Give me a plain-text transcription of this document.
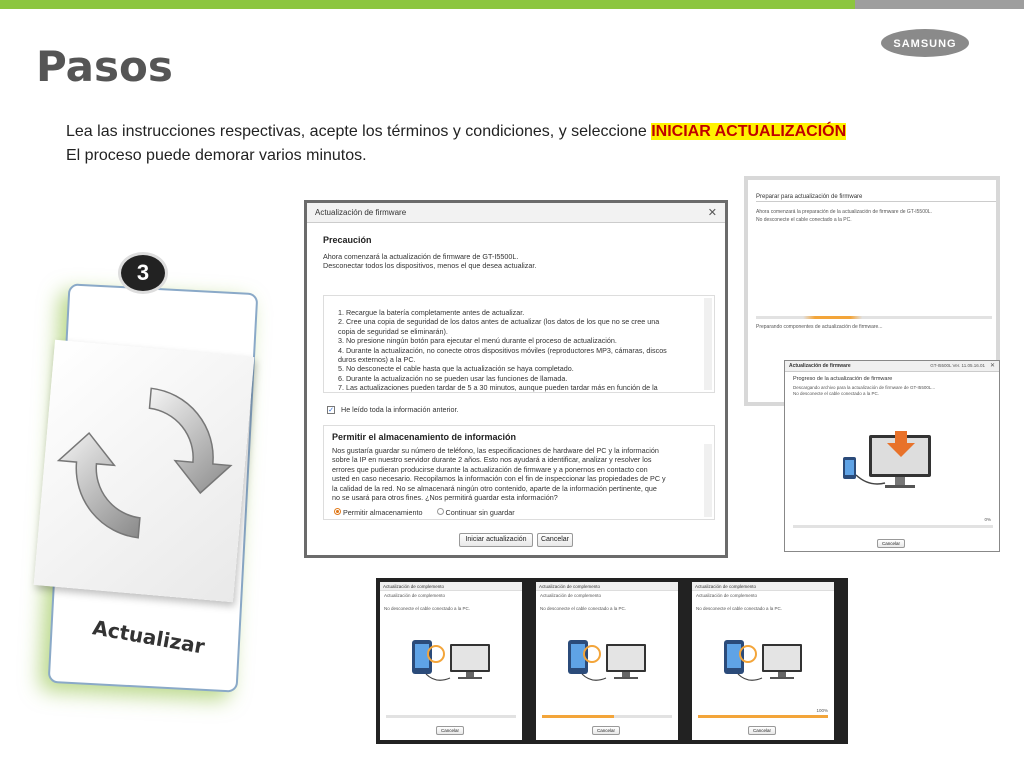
SAMSUNG
Pasos
Lea las instrucciones respectivas, acepte los términos y condiciones, y seleccione INICIAR ACTUALIZACIÓN
El proceso puede demorar varios minutos.
Actualizar
3
Actualización de firmware	✕
Precaución
Ahora comenzará la actualización de firmware de GT-I5500L.
Desconectar todos los dispositivos, menos el que desea actualizar.
1. Recargue la batería completamente antes de actualizar.
2. Cree una copia de seguridad de los datos antes de actualizar (los datos de los que no se cree una
copia de seguridad se eliminarán).
3. No presione ningún botón para ejecutar el menú durante el proceso de actualización.
4. Durante la actualización, no conecte otros dispositivos móviles (reproductores MP3, cámaras, discos
duros externos) a la PC.
5. No desconecte el cable hasta que la actualización se haya completado.
6. Durante la actualización no se pueden usar las funciones de llamada.
7. Las actualizaciones pueden tardar de 5 a 30 minutos, aunque pueden tardar más en función de la
✓ He leído toda la información anterior.
Permitir el almacenamiento de información
Nos gustaría guardar su número de teléfono, las especificaciones de hardware del PC y la información
sobre la IP en nuestro servidor durante 2 años. Esto nos ayudará a identificar, analizar y resolver los
errores que pudieran producirse durante la actualización de firmware y a ponernos en contacto con
usted en caso necesario. Recopilamos la información con el fin de inspeccionar las propiedades de PC y
la calidad de la red. No se almacenará ningún otro contenido, aparte de la información pertinente, que
no se usará para otros fines. ¿Nos permitirá guardar esta información?
Permitir almacenamiento	Continuar sin guardar
Iniciar actualización	Cancelar
Preparar para actualización de firmware
Ahora comenzará la preparación de la actualización de firmware de GT-I5500L.
No desconecte el cable conectado a la PC.
Preparando componentes de actualización de firmware...
Actualización de firmware	GT-I5500L Ver. 11.05.16.01 ✕
Progreso de la actualización de firmware
Descargando archivo para la actualización de firmware de GT-I5500L...
No desconecte el cable conectado a la PC.
0%
Cancelar
Actualización de complemento
Actualización de complemento
No desconecte el cable conectado a la PC.
Cancelar
Actualización de complemento
Actualización de complemento
No desconecte el cable conectado a la PC.
Cancelar
Actualización de complemento
Actualización de complemento
No desconecte el cable conectado a la PC.
100%
Cancelar
